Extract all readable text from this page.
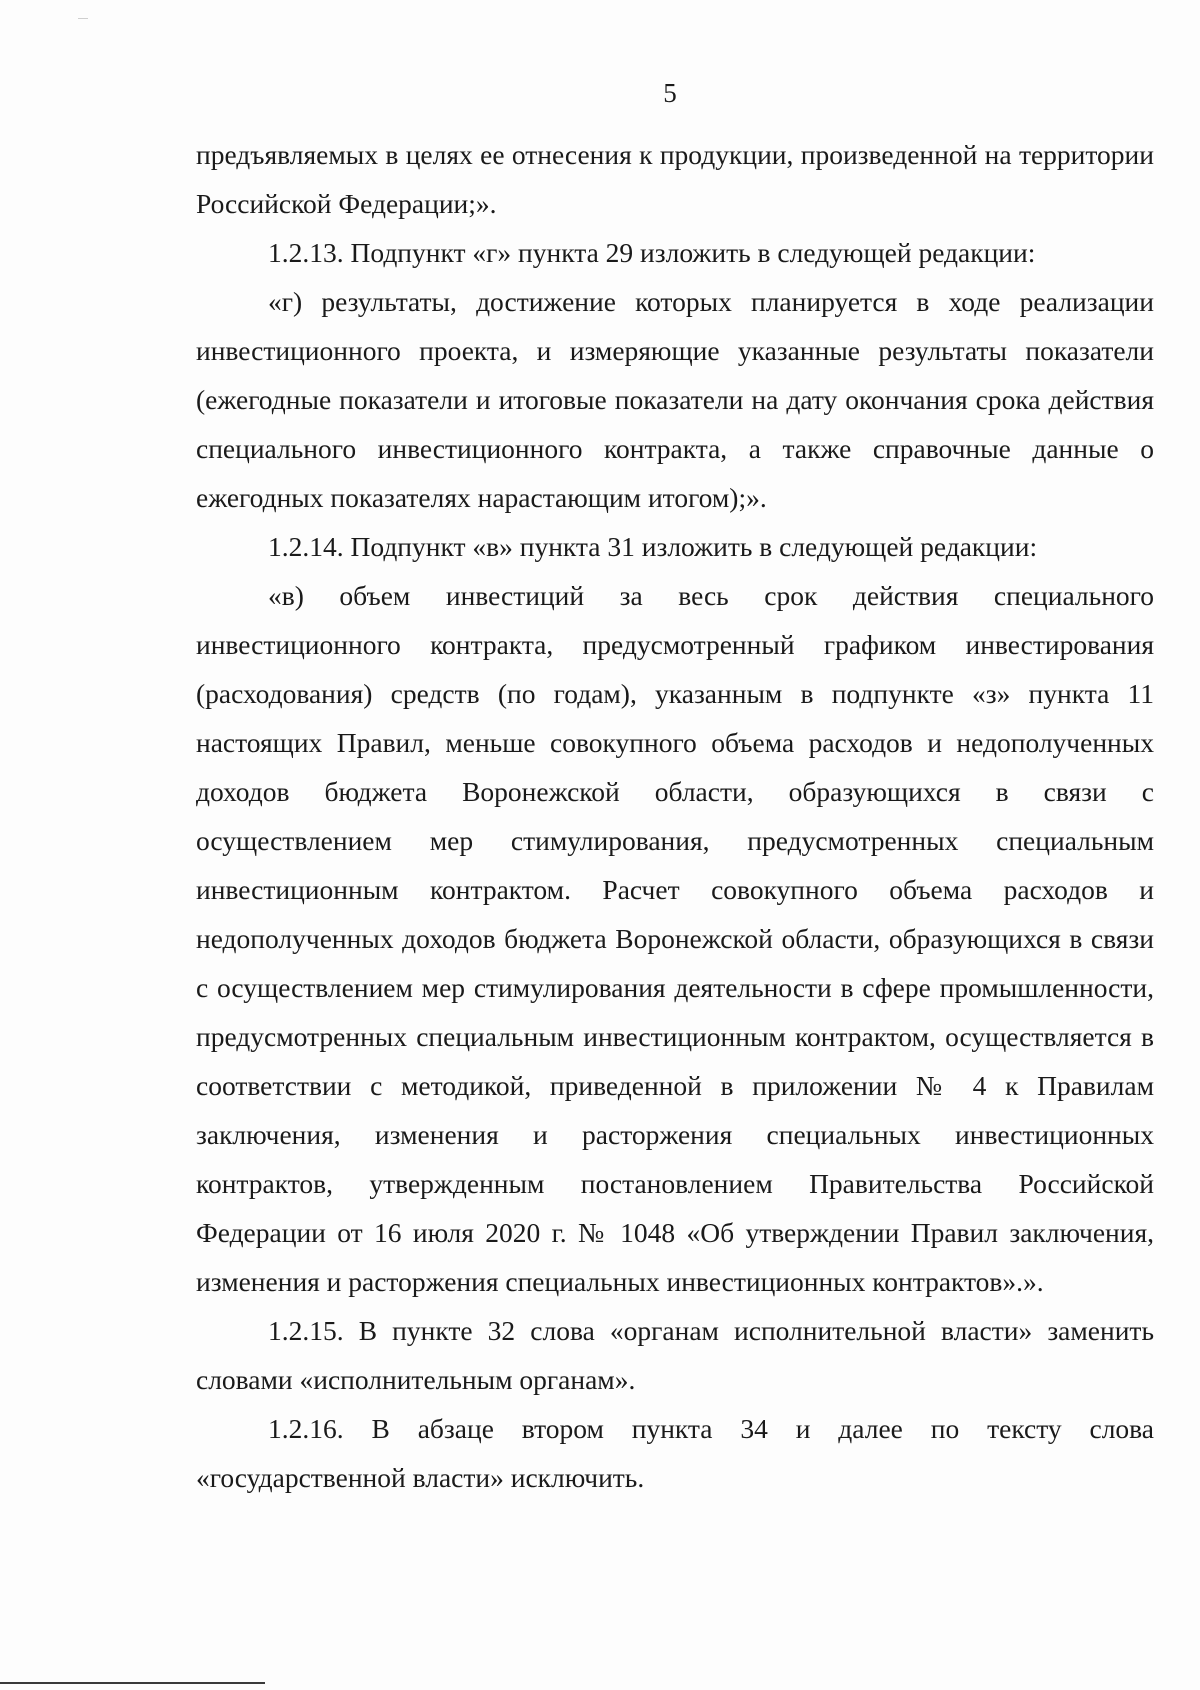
5

предъявляемых в целях ее отнесения к продукции, произведенной на территории Российской Федерации;».

1.2.13. Подпункт «г» пункта 29 изложить в следующей редакции:

«г) результаты, достижение которых планируется в ходе реализации инвестиционного проекта, и измеряющие указанные результаты показатели (ежегодные показатели и итоговые показатели на дату окончания срока действия специального инвестиционного контракта, а также справочные данные о ежегодных показателях нарастающим итогом);».

1.2.14. Подпункт «в» пункта 31 изложить в следующей редакции:

«в) объем инвестиций за весь срок действия специального инвестиционного контракта, предусмотренный графиком инвестирования (расходования) средств (по годам), указанным в подпункте «з» пункта 11 настоящих Правил, меньше совокупного объема расходов и недополученных доходов бюджета Воронежской области, образующихся в связи с осуществлением мер стимулирования, предусмотренных специальным инвестиционным контрактом. Расчет совокупного объема расходов и недополученных доходов бюджета Воронежской области, образующихся в связи с осуществлением мер стимулирования деятельности в сфере промышленности, предусмотренных специальным инвестиционным контрактом, осуществляется в соответствии с методикой, приведенной в приложении № 4 к Правилам заключения, изменения и расторжения специальных инвестиционных контрактов, утвержденным постановлением Правительства Российской Федерации от 16 июля 2020 г. № 1048 «Об утверждении Правил заключения, изменения и расторжения специальных инвестиционных контрактов».».

1.2.15. В пункте 32 слова «органам исполнительной власти» заменить словами «исполнительным органам».

1.2.16. В абзаце втором пункта 34 и далее по тексту слова «государственной власти» исключить.
